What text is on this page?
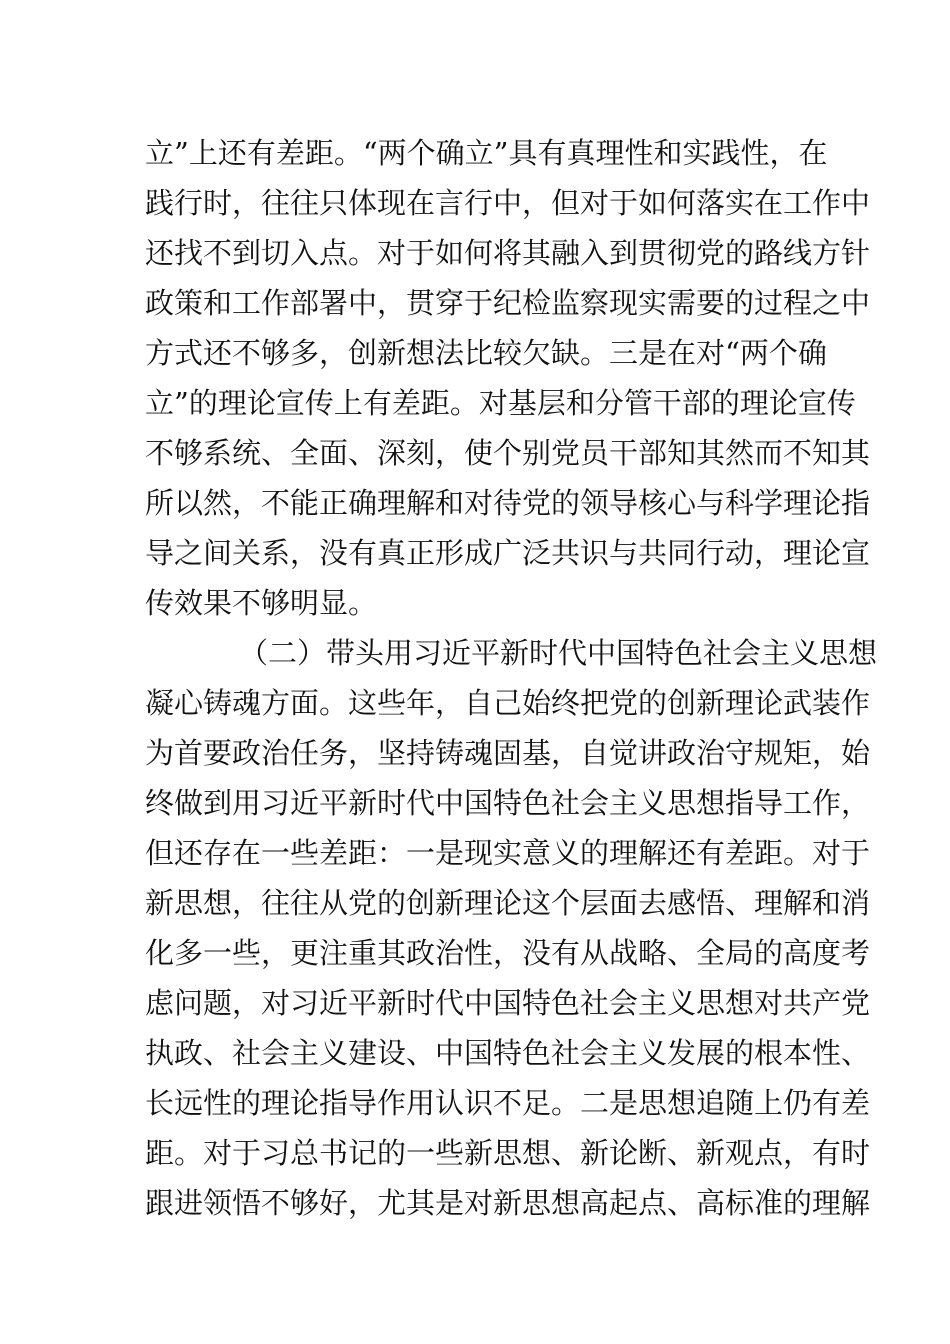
立”上还有差距。“两个确立”具有真理性和实践性，在
践行时，往往只体现在言行中，但对于如何落实在工作中
还找不到切入点。对于如何将其融入到贯彻党的路线方针
政策和工作部署中，贯穿于纪检监察现实需要的过程之中
方式还不够多，创新想法比较欠缺。三是在对“两个确
立”的理论宣传上有差距。对基层和分管干部的理论宣传
不够系统、全面、深刻，使个别党员干部知其然而不知其
所以然，不能正确理解和对待党的领导核心与科学理论指
导之间关系，没有真正形成广泛共识与共同行动，理论宣
传效果不够明显。
（二）带头用习近平新时代中国特色社会主义思想
凝心铸魂方面。这些年，自己始终把党的创新理论武装作
为首要政治任务，坚持铸魂固基，自觉讲政治守规矩，始
终做到用习近平新时代中国特色社会主义思想指导工作，
但还存在一些差距：一是现实意义的理解还有差距。对于
新思想，往往从党的创新理论这个层面去感悟、理解和消
化多一些，更注重其政治性，没有从战略、全局的高度考
虑问题，对习近平新时代中国特色社会主义思想对共产党
执政、社会主义建设、中国特色社会主义发展的根本性、
长远性的理论指导作用认识不足。二是思想追随上仍有差
距。对于习总书记的一些新思想、新论断、新观点，有时
跟进领悟不够好，尤其是对新思想高起点、高标准的理解
